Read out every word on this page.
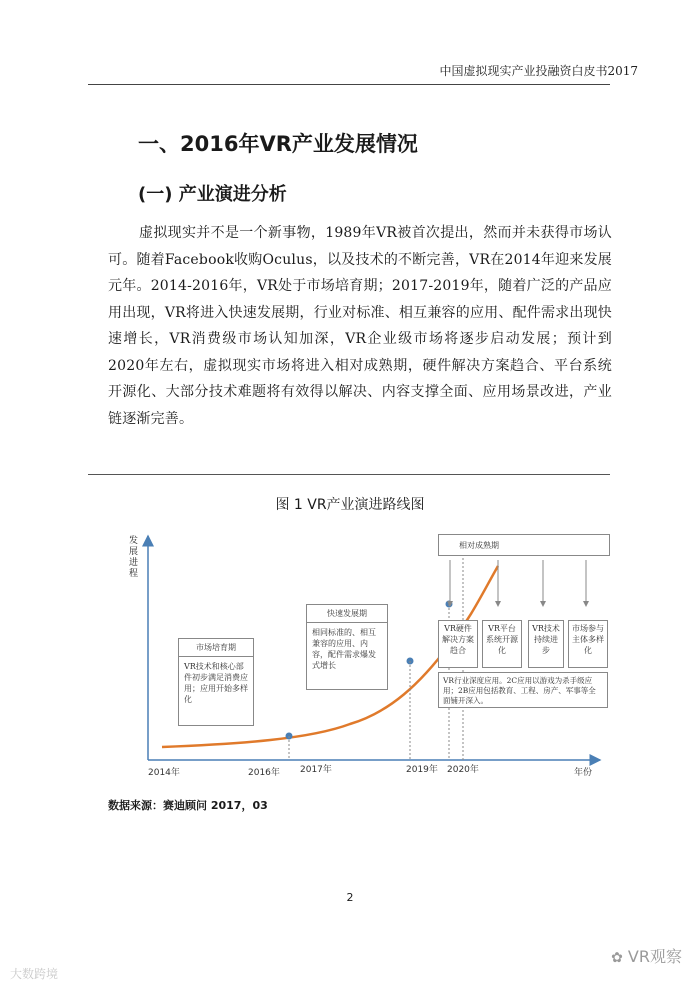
中国虚拟现实产业投融资白皮书2017
一、2016年VR产业发展情况
(一) 产业演进分析
虚拟现实并不是一个新事物，1989年VR被首次提出，然而并未获得市场认可。随着Facebook收购Oculus，以及技术的不断完善，VR在2014年迎来发展元年。2014-2016年，VR处于市场培育期；2017-2019年，随着广泛的产品应用出现，VR将进入快速发展期，行业对标准、相互兼容的应用、配件需求出现快速增长，VR消费级市场认知加深，VR企业级市场将逐步启动发展；预计到2020年左右，虚拟现实市场将进入相对成熟期，硬件解决方案趋合、平台系统开源化、大部分技术难题将有效得以解决、内容支撑全面、应用场景改进，产业链逐渐完善。
图 1 VR产业演进路线图
2014年	2016年 2017年	2019年 2020年	年份
发展进程
市场培育期
VR技术和核心部件初步满足消费应用；应用开始多样化
快速发展期
相同标准的、相互兼容的应用、内容，配件需求爆发式增长
相对成熟期
VR硬件解决方案趋合
VR平台系统开源化
VR技术持续进步
市场参与主体多样化
VR行业深度应用。2C应用以游戏为杀手级应用；2B应用包括教育、工程、房产、军事等全面铺开深入。
数据来源：赛迪顾问 2017，03
2
大数跨境
✿ VR观察
